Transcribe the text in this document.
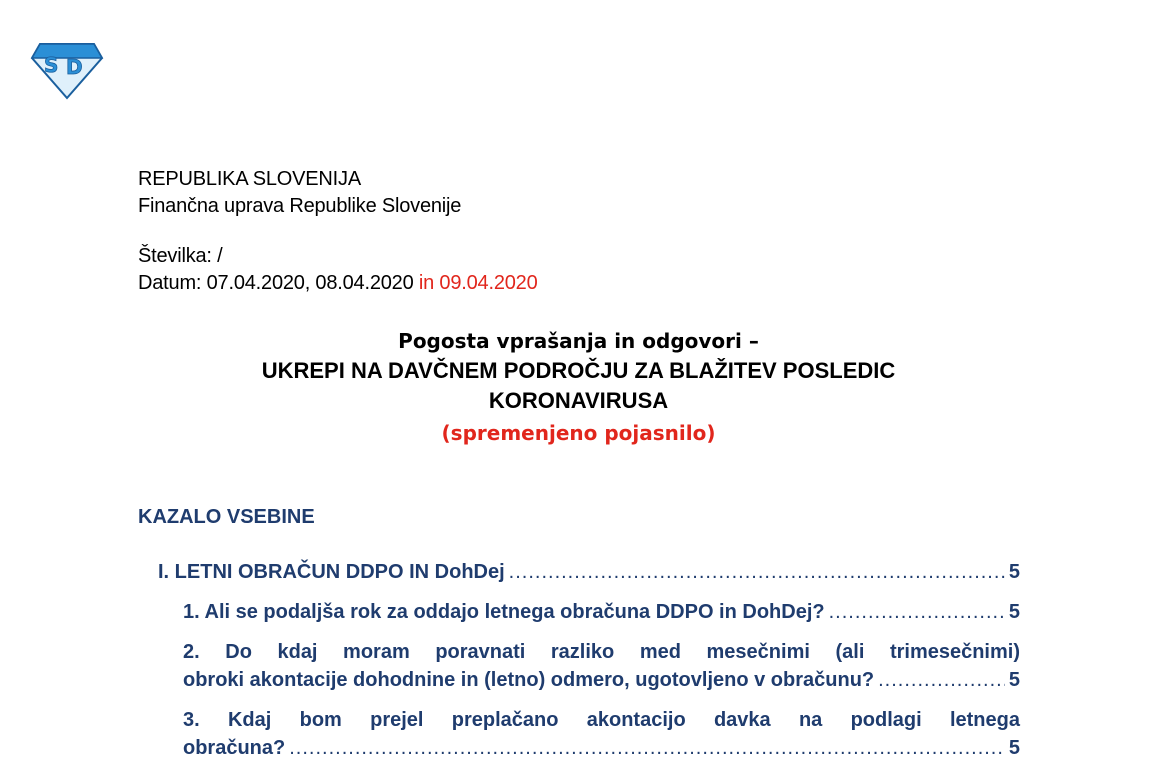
S D
REPUBLIKA SLOVENIJA
Finančna uprava Republike Slovenije
Številka: /
Datum: 07.04.2020, 08.04.2020 in 09.04.2020
Pogosta vprašanja in odgovori –
UKREPI NA DAVČNEM PODROČJU ZA BLAŽITEV POSLEDIC
KORONAVIRUSA
(spremenjeno pojasnilo)
KAZALO VSEBINE
I. LETNI OBRAČUN DDPO IN DohDej .....	5
1. Ali se podaljša rok za oddajo letnega obračuna DDPO in DohDej? .....	5
2. Do kdaj moram poravnati razliko med mesečnimi (ali trimesečnimi)
obroki akontacije dohodnine in (letno) odmero, ugotovljeno v obračunu? .....	5
3. Kdaj bom prejel preplačano akontacijo davka na podlagi letnega
obračuna? .....	5
